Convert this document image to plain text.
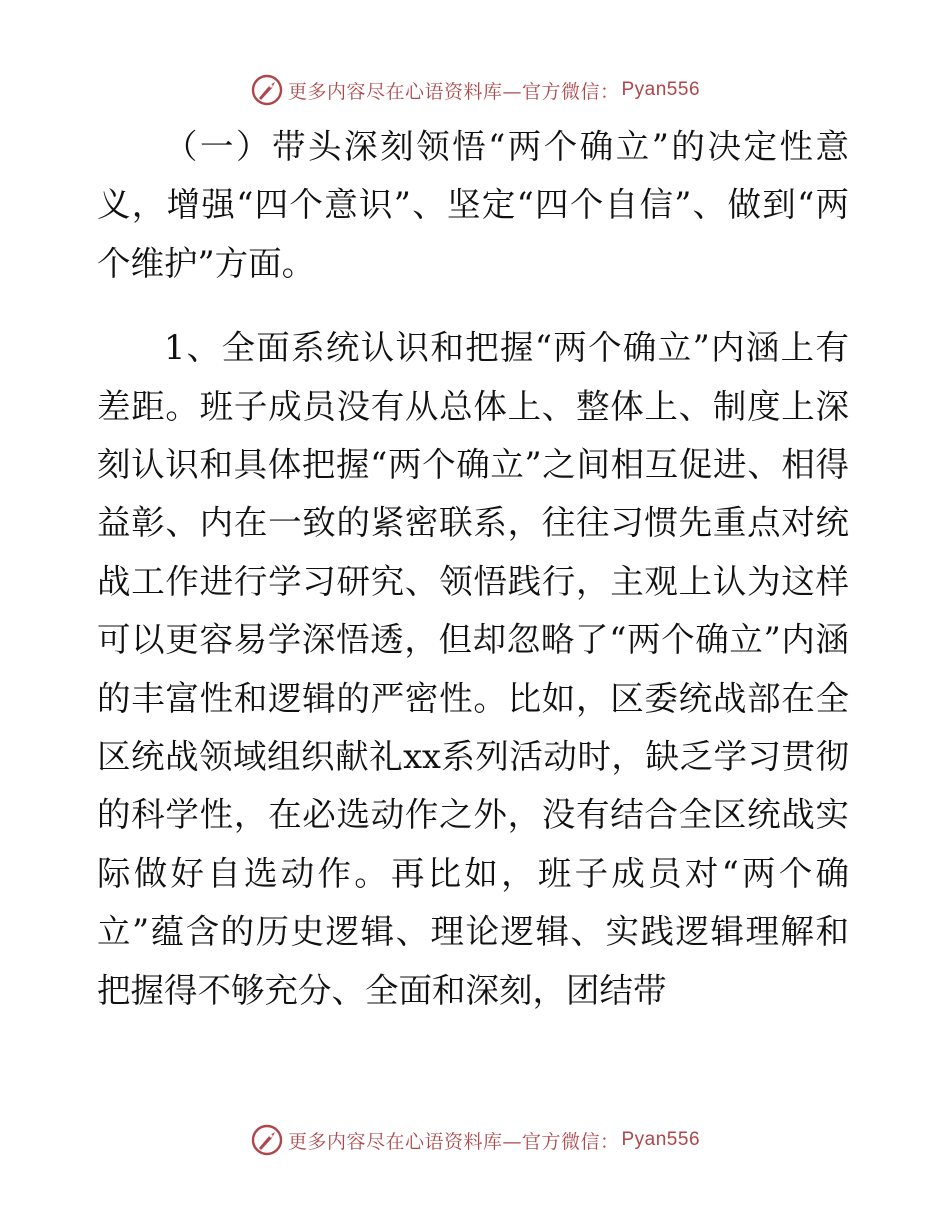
更多内容尽在心语资料库—官方微信： Pyan556

（一）带头深刻领悟“两个确立”的决定性意义，增强“四个意识”、坚定“四个自信”、做到“两个维护”方面。

1、全面系统认识和把握“两个确立”内涵上有差距。班子成员没有从总体上、整体上、制度上深刻认识和具体把握“两个确立”之间相互促进、相得益彰、内在一致的紧密联系，往往习惯先重点对统战工作进行学习研究、领悟践行，主观上认为这样可以更容易学深悟透，但却忽略了“两个确立”内涵的丰富性和逻辑的严密性。比如，区委统战部在全区统战领域组织献礼xx系列活动时，缺乏学习贯彻的科学性，在必选动作之外，没有结合全区统战实际做好自选动作。再比如，班子成员对“两个确立”蕴含的历史逻辑、理论逻辑、实践逻辑理解和把握得不够充分、全面和深刻，团结带

更多内容尽在心语资料库—官方微信： Pyan556
